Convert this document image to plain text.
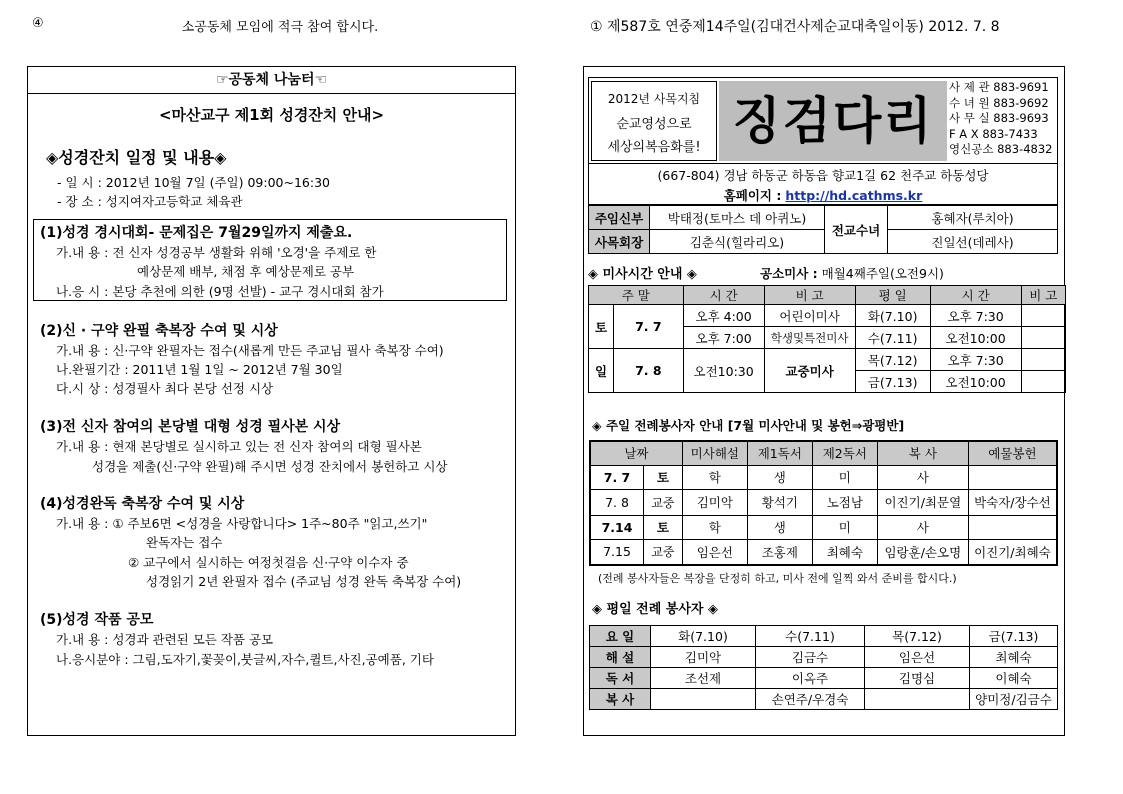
④	소공동체 모임에 적극 참여 합시다.
☞공동체 나눔터☜
<마산교구 제1회 성경잔치 안내>
◈성경잔치 일정 및 내용◈
- 일 시 : 2012년 10월 7일 (주일) 09:00~16:30
- 장 소 : 성지여자고등학교 체육관
(1)성경 경시대회- 문제집은 7월29일까지 제출요.
가.내 용 : 전 신자 성경공부 생활화 위해 '오경'을 주제로 한
예상문제 배부, 채점 후 예상문제로 공부
나.응 시 : 본당 추천에 의한 (9명 선발) - 교구 경시대회 참가
(2)신 · 구약 완필 축복장 수여 및 시상
가.내 용 : 신·구약 완필자는 접수(새롭게 만든 주교님 필사 축복장 수여)
나.완필기간 : 2011년 1월 1일 ~ 2012년 7월 30일
다.시 상 : 성경필사 최다 본당 선정 시상
(3)전 신자 참여의 본당별 대형 성경 필사본 시상
가.내 용 : 현재 본당별로 실시하고 있는 전 신자 참여의 대형 필사본
성경을 제출(신·구약 완필)해 주시면 성경 잔치에서 봉헌하고 시상
(4)성경완독 축복장 수여 및 시상
가.내 용 : ① 주보6면 <성경을 사랑합니다> 1주~80주 "읽고,쓰기"
완독자는 접수
② 교구에서 실시하는 여정첫걸음 신·구약 이수자 중
성경읽기 2년 완필자 접수 (주교님 성경 완독 축복장 수여)
(5)성경 작품 공모
가.내 용 : 성경과 관련된 모든 작품 공모
나.응시분야 : 그림,도자기,꽃꽂이,붓글씨,자수,퀼트,사진,공예품, 기타
① 제587호 연중제14주일(김대건사제순교대축일이동) 2012. 7. 8
2012년 사목지침
순교영성으로
세상의복음화를! 징검다리
사 제 관 883-9691
수 녀 원 883-9692
사 무 실 883-9693
F A X 883-7433
영신공소 883-4832
(667-804) 경남 하동군 하동읍 향교1길 62 천주교 하동성당
홈페이지 : http://hd.cathms.kr
주임신부	박태정(토마스 데 아퀴노)	전교수녀	홍혜자(루치아)
사목회장	김춘식(힐라리오)		진일선(데레사)
◈ 미사시간 안내 ◈	공소미사 : 매월4째주일(오전9시)
주 말		시 간	비 고	평 일	시 간	비 고
토	7. 7	오후 4:00	어린이미사	화(7.10)	오후 7:30	
		오후 7:00	학생및특전미사	수(7.11)	오전10:00	
일	7. 8	오전10:30	교중미사	목(7.12)	오후 7:30	
				금(7.13)	오전10:00	
◈ 주일 전례봉사자 안내 [7월 미사안내 및 봉헌⇒광평반]
날짜		미사해설	제1독서	제2독서	복 사	예물봉헌
7. 7	토	학	생	미	사	
7. 8	교중	김미악	황석기	노점남	이진기/최문열	박숙자/장수선
7.14	토	학	생	미	사	
7.15	교중	임은선	조홍제	최혜숙	임랑훈/손오명	이진기/최혜숙
(전례 봉사자들은 복장을 단정히 하고, 미사 전에 일찍 와서 준비를 합시다.)
◈ 평일 전례 봉사자 ◈
요 일	화(7.10)	수(7.11)	목(7.12)	금(7.13)
해 설	김미악	김금수	임은선	최혜숙
독 서	조선제	이옥주	김명심	이혜숙
복 사		손연주/우경숙		양미정/김금수
